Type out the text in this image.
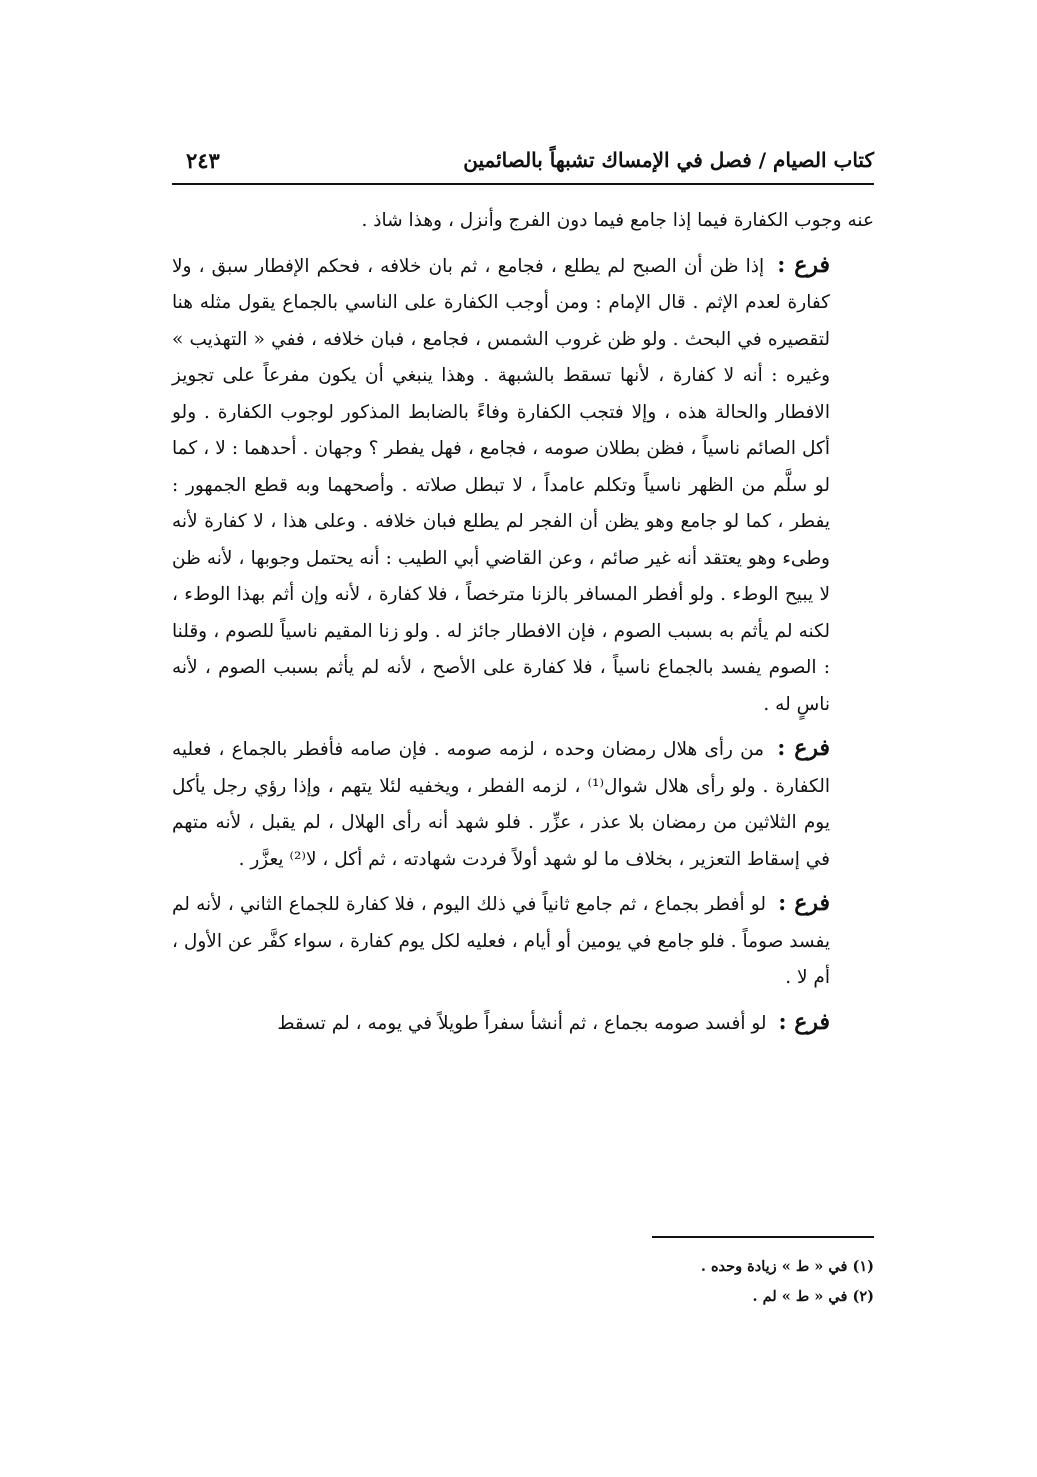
كتاب الصيام / فصل في الإمساك تشبهاً بالصائمين
٢٤٣

عنه وجوب الكفارة فيما إذا جامع فيما دون الفرج وأنزل ، وهذا شاذ .

فرع : إذا ظن أن الصبح لم يطلع ، فجامع ، ثم بان خلافه ، فحكم الإفطار سبق ، ولا كفارة لعدم الإثم . قال الإمام : ومن أوجب الكفارة على الناسي بالجماع يقول مثله هنا لتقصيره في البحث . ولو ظن غروب الشمس ، فجامع ، فبان خلافه ، ففي « التهذيب » وغيره : أنه لا كفارة ، لأنها تسقط بالشبهة . وهذا ينبغي أن يكون مفرعاً على تجويز الافطار والحالة هذه ، وإلا فتجب الكفارة وفاءً بالضابط المذكور لوجوب الكفارة . ولو أكل الصائم ناسياً ، فظن بطلان صومه ، فجامع ، فهل يفطر ؟ وجهان . أحدهما : لا ، كما لو سلَّم من الظهر ناسياً وتكلم عامداً ، لا تبطل صلاته . وأصحهما وبه قطع الجمهور : يفطر ، كما لو جامع وهو يظن أن الفجر لم يطلع فبان خلافه . وعلى هذا ، لا كفارة لأنه وطىء وهو يعتقد أنه غير صائم ، وعن القاضي أبي الطيب : أنه يحتمل وجوبها ، لأنه ظن لا يبيح الوطء . ولو أفطر المسافر بالزنا مترخصاً ، فلا كفارة ، لأنه وإن أثم بهذا الوطء ، لكنه لم يأثم به بسبب الصوم ، فإن الافطار جائز له . ولو زنا المقيم ناسياً للصوم ، وقلنا : الصوم يفسد بالجماع ناسياً ، فلا كفارة على الأصح ، لأنه لم يأثم بسبب الصوم ، لأنه ناسٍ له .

فرع : من رأى هلال رمضان وحده ، لزمه صومه . فإن صامه فأفطر بالجماع ، فعليه الكفارة . ولو رأى هلال شوال⁽¹⁾ ، لزمه الفطر ، ويخفيه لئلا يتهم ، وإذا رؤي رجل يأكل يوم الثلاثين من رمضان بلا عذر ، عزِّر . فلو شهد أنه رأى الهلال ، لم يقبل ، لأنه متهم في إسقاط التعزير ، بخلاف ما لو شهد أولاً فردت شهادته ، ثم أكل ، لا⁽²⁾ يعزَّر .

فرع : لو أفطر بجماع ، ثم جامع ثانياً في ذلك اليوم ، فلا كفارة للجماع الثاني ، لأنه لم يفسد صوماً . فلو جامع في يومين أو أيام ، فعليه لكل يوم كفارة ، سواء كفَّر عن الأول ، أم لا .

فرع : لو أفسد صومه بجماع ، ثم أنشأ سفراً طويلاً في يومه ، لم تسقط

(١) في « ط » زيادة وحده .
(٢) في « ط » لم .
